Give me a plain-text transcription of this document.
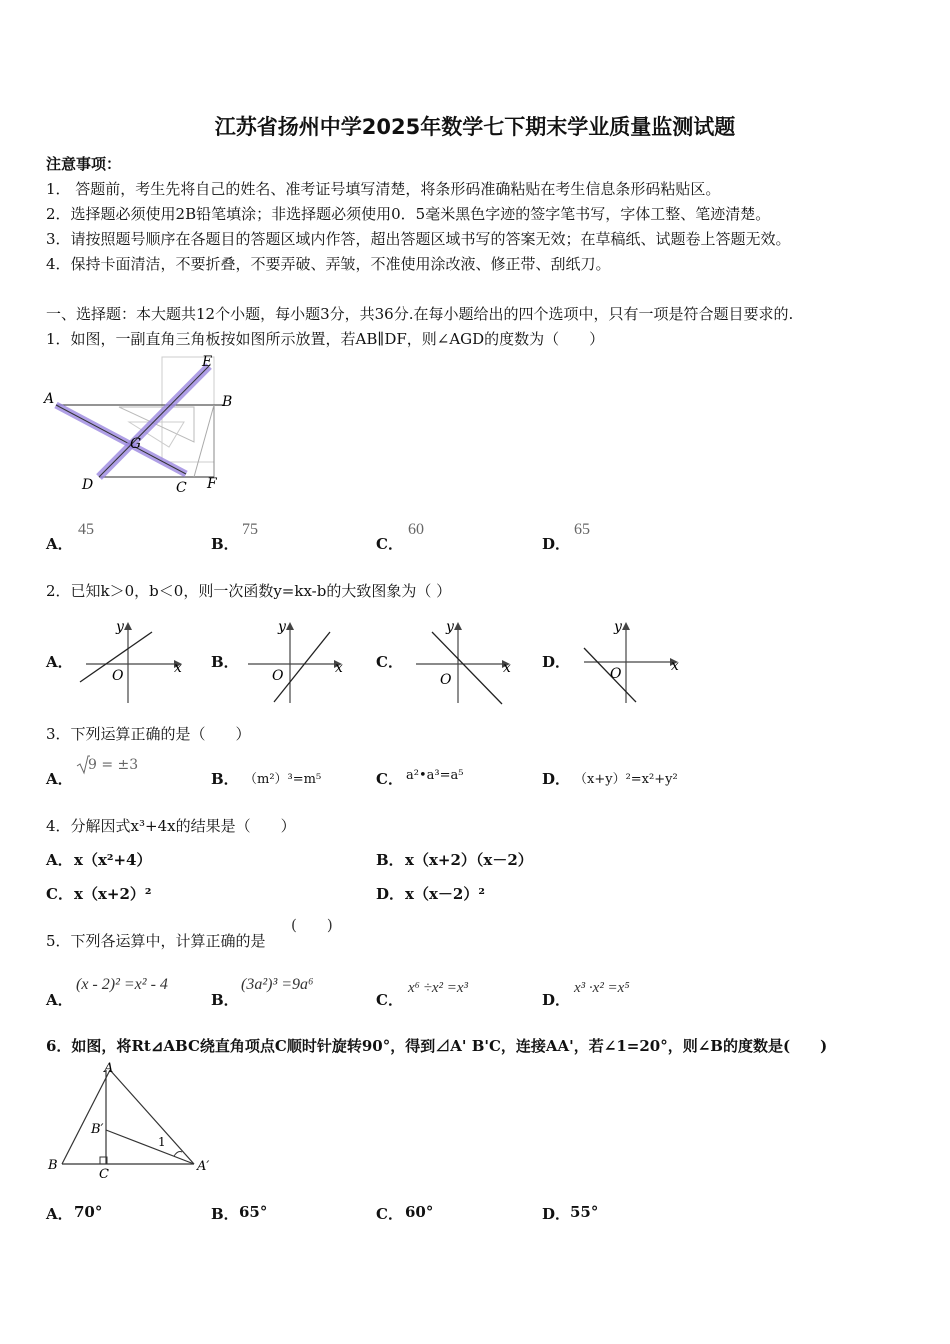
江苏省扬州中学2025年数学七下期末学业质量监测试题
注意事项：
1． 答题前，考生先将自己的姓名、准考证号填写清楚，将条形码准确粘贴在考生信息条形码粘贴区。
2．选择题必须使用2B铅笔填涂；非选择题必须使用0．5毫米黑色字迹的签字笔书写，字体工整、笔迹清楚。
3．请按照题号顺序在各题目的答题区域内作答，超出答题区域书写的答案无效；在草稿纸、试题卷上答题无效。
4．保持卡面清洁，不要折叠，不要弄破、弄皱，不准使用涂改液、修正带、刮纸刀。
一、选择题：本大题共12个小题，每小题3分，共36分.在每小题给出的四个选项中，只有一项是符合题目要求的.
1．如图，一副直角三角板按如图所示放置，若AB∥DF，则∠AGD的度数为（　　）
A	B
E
G
D	C F
A．
45
B．
75
C．
60
D．
65
2．已知k＞0，b＜0，则一次函数y=kx-b的大致图象为（ ）
A．
y
x
O
B．
y
x
O
C．
y
x
O
D．
y
x
O
3．下列运算正确的是（　　）
A．
9 = ±3
B． （m²）³=m⁵	C． a²•a³=a⁵	D． （x+y）²=x²+y²
4．分解因式x³+4x的结果是（　　）
A． x（x²+4）	B． x（x+2）（x－2）
C． x（x+2）²	D． x（x－2）²
5．下列各运算中，计算正确的是
(　　)
A．
(x - 2)² =x² - 4
B．
(3a²)³ =9a⁶
C．
x⁶ ÷x² =x³
D．
x³ ·x² =x⁵
6．如图，将Rt⊿ABC绕直角项点C顺时针旋转90°，得到⊿A' B'C，连接AA'，若∠1=20°，则∠B的度数是(　　)
A
B
C
B′
A′
1
A． 70°	B． 65°	C． 60°	D． 55°
